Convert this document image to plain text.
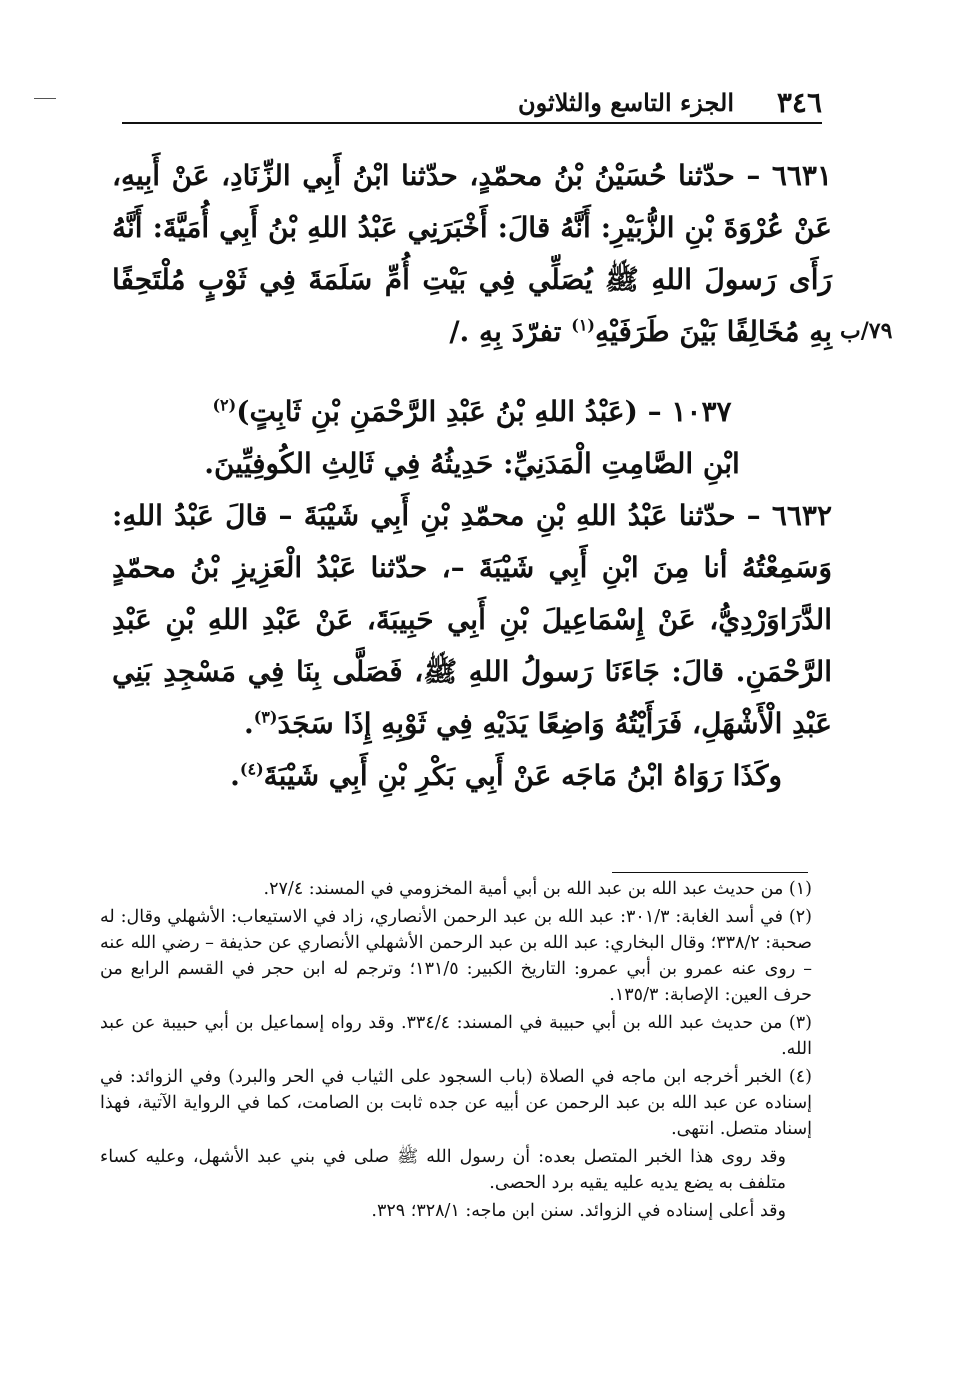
٣٤٦
الجزء التاسع والثلاثون

٦٦٣١ – حدّثنا حُسَيْنُ بْنُ محمّدٍ، حدّثنا ابْنُ أَبِي الزِّنَادِ، عَنْ أَبِيهِ، عَنْ عُرْوَةَ بْنِ الزُّبَيْرِ: أَنَّهُ قالَ: أَخْبَرَنِي عَبْدُ اللهِ بْنُ أَبِي أُمَيَّةَ: أَنَّهُ رَأَى رَسولَ اللهِ ﷺ يُصَلِّي فِي بَيْتِ أُمِّ سَلَمَةَ فِي ثَوْبٍ مُلْتَحِفًا بِهِ مُخَالِفًا بَيْنَ طَرَفَيْهِ$^{(١)}$ تفرّدَ بِهِ ./

١٠٣٧ – (عَبْدُ اللهِ بْنُ عَبْدِ الرَّحْمَنِ بْنِ ثَابِتٍ)$^{(٢)}$

ابْنِ الصَّامِتِ الْمَدَنِيِّ: حَدِيثُهُ فِي ثَالِثِ الكُوفِيِّينَ.

٦٦٣٢ – حدّثنا عَبْدُ اللهِ بْنِ محمّدِ بْنِ أَبِي شَيْبَةَ – قالَ عَبْدُ اللهِ: وَسَمِعْتُهُ أنا مِنَ ابْنِ أَبِي شَيْبَةَ –، حدّثنا عَبْدُ الْعَزِيزِ بْنُ محمّدٍ الدَّرَاوَرْدِيُّ، عَنْ إِسْمَاعِيلَ بْنِ أَبِي حَبِيبَةَ، عَنْ عَبْدِ اللهِ بْنِ عَبْدِ الرَّحْمَنِ. قالَ: جَاءَنَا رَسولُ اللهِ ﷺ، فَصَلَّى بِنَا فِي مَسْجِدِ بَنِي عَبْدِ الْأَشْهَلِ، فَرَأَيْتُهُ وَاضِعًا يَدَيْهِ فِي ثَوْبِهِ إِذَا سَجَدَ$^{(٣)}$.

وكَذَا رَوَاهُ ابْنُ مَاجَه عَنْ أَبِي بَكْرِ بْنِ أَبِي شَيْبَةَ$^{(٤)}$.

٧٩/ب

(١) من حديث عبد الله بن عبد الله بن أبي أمية المخزومي في المسند: ٢٧/٤.

(٢) في أسد الغابة: ٣٠١/٣: عبد الله بن عبد الرحمن الأنصاري، زاد في الاستيعاب: الأشهلي وقال: له صحبة: ٣٣٨/٢؛ وقال البخاري: عبد الله بن عبد الرحمن الأشهلي الأنصاري عن حذيفة – رضي الله عنه – روى عنه عمرو بن أبي عمرو: التاريخ الكبير: ١٣١/٥؛ وترجم له ابن حجر في القسم الرابع من حرف العين: الإصابة: ١٣٥/٣.

(٣) من حديث عبد الله بن أبي حبيبة في المسند: ٣٣٤/٤. وقد رواه إسماعيل بن أبي حبيبة عن عبد الله.

(٤) الخبر أخرجه ابن ماجه في الصلاة (باب السجود على الثياب في الحر والبرد) وفي الزوائد: في إسناده عن عبد الله بن عبد الرحمن عن أبيه عن جده ثابت بن الصامت، كما في الرواية الآتية، فهذا إسناد متصل. انتهى.

وقد روى هذا الخبر المتصل بعده: أن رسول الله ﷺ صلى في بني عبد الأشهل، وعليه كساء متلفف به يضع يديه عليه يقيه برد الحصى.

وقد أعلى إسناده في الزوائد. سنن ابن ماجه: ٣٢٨/١؛ ٣٢٩.
